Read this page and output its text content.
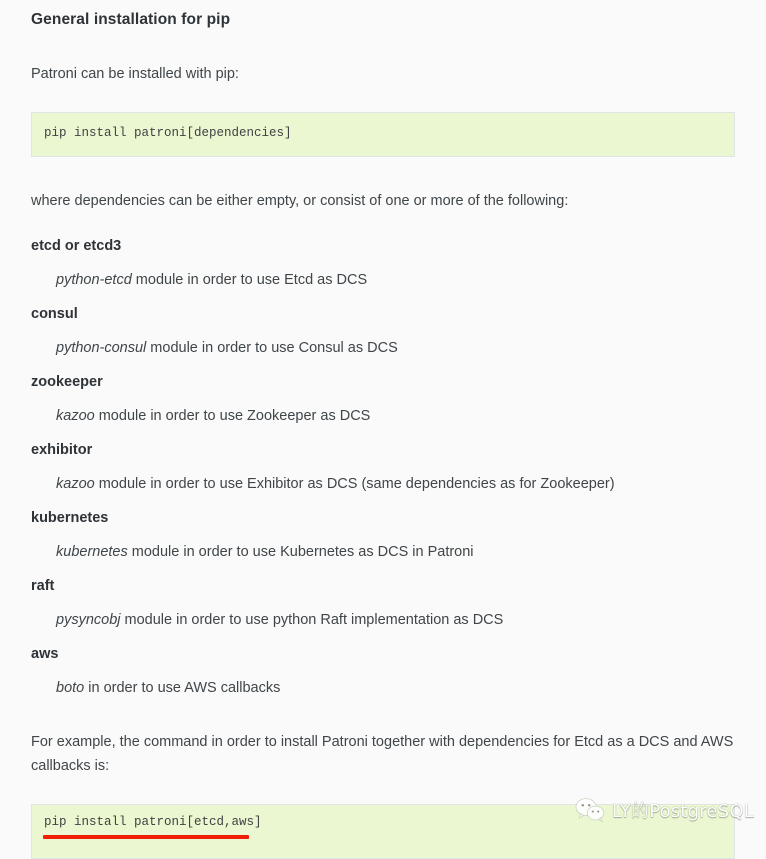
General installation for pip

Patroni can be installed with pip:

pip install patroni[dependencies]

where dependencies can be either empty, or consist of one or more of the following:

etcd or etcd3
python-etcd module in order to use Etcd as DCS
consul
python-consul module in order to use Consul as DCS
zookeeper
kazoo module in order to use Zookeeper as DCS
exhibitor
kazoo module in order to use Exhibitor as DCS (same dependencies as for Zookeeper)
kubernetes
kubernetes module in order to use Kubernetes as DCS in Patroni
raft
pysyncobj module in order to use python Raft implementation as DCS
aws
boto in order to use AWS callbacks

For example, the command in order to install Patroni together with dependencies for Etcd as a DCS and AWS callbacks is:

pip install patroni[etcd,aws]	LY的PostgreSQL
